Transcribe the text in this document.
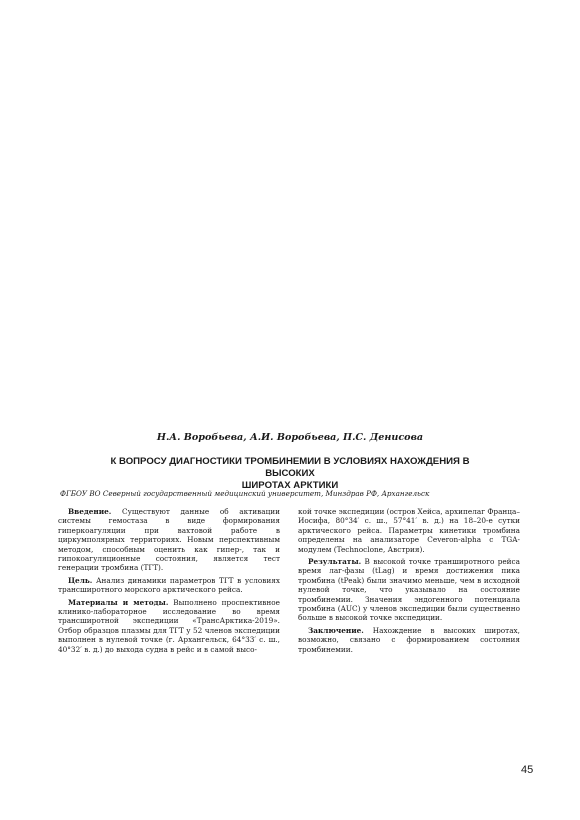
Н.А. Воробьева, А.И. Воробьева, П.С. Денисова
К ВОПРОСУ ДИАГНОСТИКИ ТРОМБИНЕМИИ В УСЛОВИЯХ НАХОЖДЕНИЯ В ВЫСОКИХ
ШИРОТАХ АРКТИКИ
ФГБОУ ВО Северный государственный медицинский университет, Минздрав РФ, Архангельск

Введение. Существуют данные об активации системы гемостаза в виде формирования гиперкоагуляции при вахтовой работе в циркумполярных территориях. Новым перспективным методом, способным оценить как гипер-, так и гипокоагуляционные состояния, является тест генерации тромбина (ТГТ).

Цель. Анализ динамики параметров ТГТ в условиях трансширотного морского арктического рейса.

Материалы и методы. Выполнено проспективное клинико-лабораторное исследование во время трансширотной экспедиции «ТрансАрктика-2019». Отбор образцов плазмы для ТГТ у 52 членов экспедиции выполнен в нулевой точке (г. Архангельск, 64°33′ с. ш., 40°32′ в. д.) до выхода судна в рейс и в самой высо-

кой точке экспедиции (остров Хейса, архипелаг Франца–Иосифа, 80°34′ с. ш., 57°41′ в. д.) на 18–20-е сутки арктического рейса. Параметры кинетики тромбина определены на анализаторе Ceveron-alpha с TGA-модулем (Technoclone, Австрия).

Результаты. В высокой точке транширотного рейса время лаг-фазы (tLag) и время достижения пика тромбина (tPeak) были значимо меньше, чем в исходной нулевой точке, что указывало на состояние тромбинемии. Значения эндогенного потенциала тромбина (AUC) у членов экспедиции были существенно больше в высокой точке экспедиции.

Заключение. Нахождение в высоких широтах, возможно, связано с формированием состояния тромбинемии.

45
